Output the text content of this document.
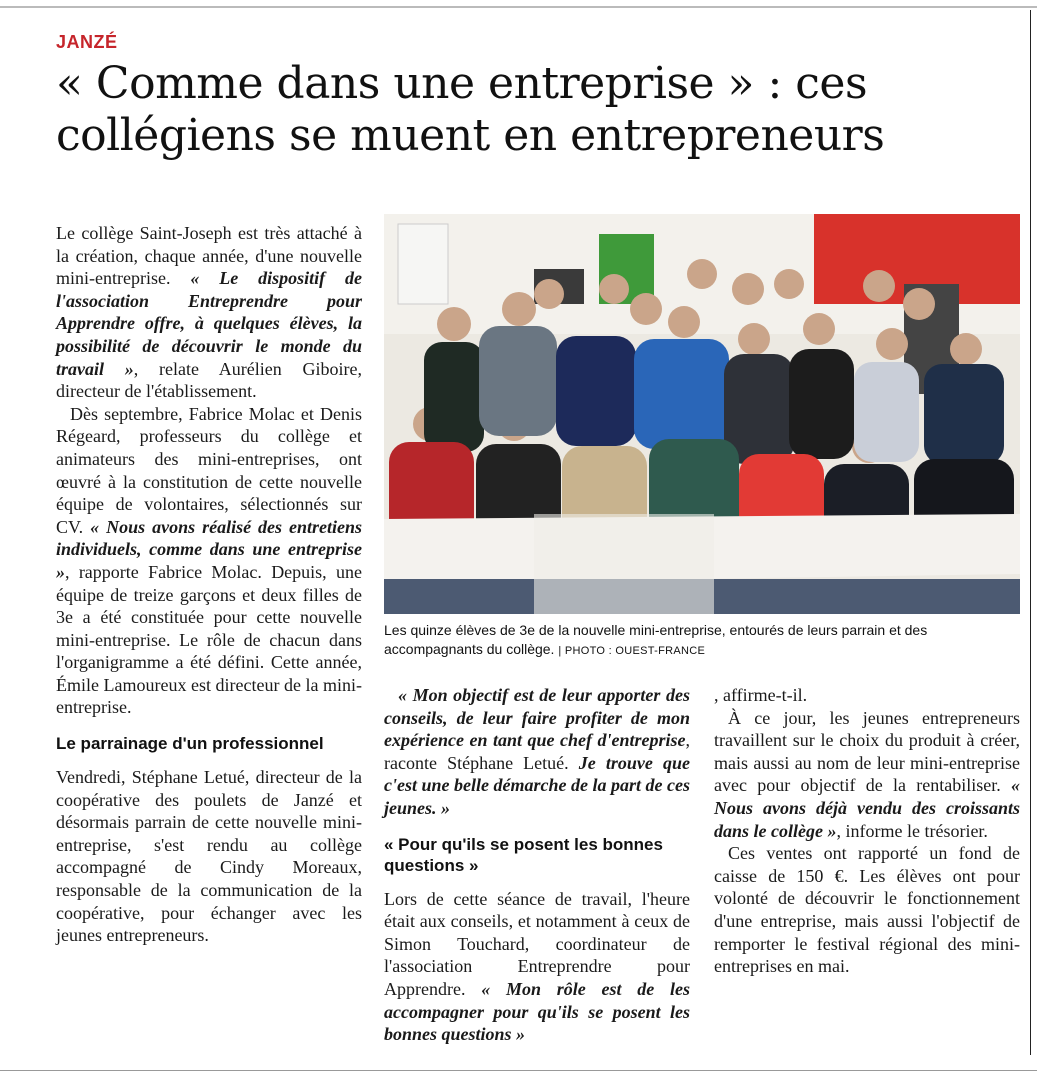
JANZÉ
« Comme dans une entreprise » : ces
collégiens se muent en entrepreneurs

Le collège Saint-Joseph est très attaché à la création, chaque année, d'une nouvelle mini-entreprise. « Le dispositif de l'association Entreprendre pour Apprendre offre, à quelques élèves, la possibilité de découvrir le monde du travail », relate Aurélien Giboire, directeur de l'établissement.

Dès septembre, Fabrice Molac et Denis Régeard, professeurs du collège et animateurs des mini-entreprises, ont œuvré à la constitution de cette nouvelle équipe de volontaires, sélectionnés sur CV. « Nous avons réalisé des entretiens individuels, comme dans une entreprise », rapporte Fabrice Molac. Depuis, une équipe de treize garçons et deux filles de 3e a été constituée pour cette nouvelle mini-entreprise. Le rôle de chacun dans l'organigramme a été défini. Cette année, Émile Lamoureux est directeur de la mini-entreprise.

Le parrainage d'un professionnel

Vendredi, Stéphane Letué, directeur de la coopérative des poulets de Janzé et désormais parrain de cette nouvelle mini-entreprise, s'est rendu au collège accompagné de Cindy Moreaux, responsable de la communication de la coopérative, pour échanger avec les jeunes entrepreneurs.

Les quinze élèves de 3e de la nouvelle mini-entreprise, entourés de leurs parrain et des accompagnants du collège. | PHOTO : OUEST-FRANCE

« Mon objectif est de leur apporter des conseils, de leur faire profiter de mon expérience en tant que chef d'entreprise, raconte Stéphane Letué. Je trouve que c'est une belle démarche de la part de ces jeunes. »

« Pour qu'ils se posent les bonnes questions »

Lors de cette séance de travail, l'heure était aux conseils, et notamment à ceux de Simon Touchard, coordinateur de l'association Entreprendre pour Apprendre. « Mon rôle est de les accompagner pour qu'ils se posent les bonnes questions »

, affirme-t-il.

À ce jour, les jeunes entrepreneurs travaillent sur le choix du produit à créer, mais aussi au nom de leur mini-entreprise avec pour objectif de la rentabiliser. « Nous avons déjà vendu des croissants dans le collège », informe le trésorier.

Ces ventes ont rapporté un fond de caisse de 150 €. Les élèves ont pour volonté de découvrir le fonctionnement d'une entreprise, mais aussi l'objectif de remporter le festival régional des mini-entreprises en mai.
